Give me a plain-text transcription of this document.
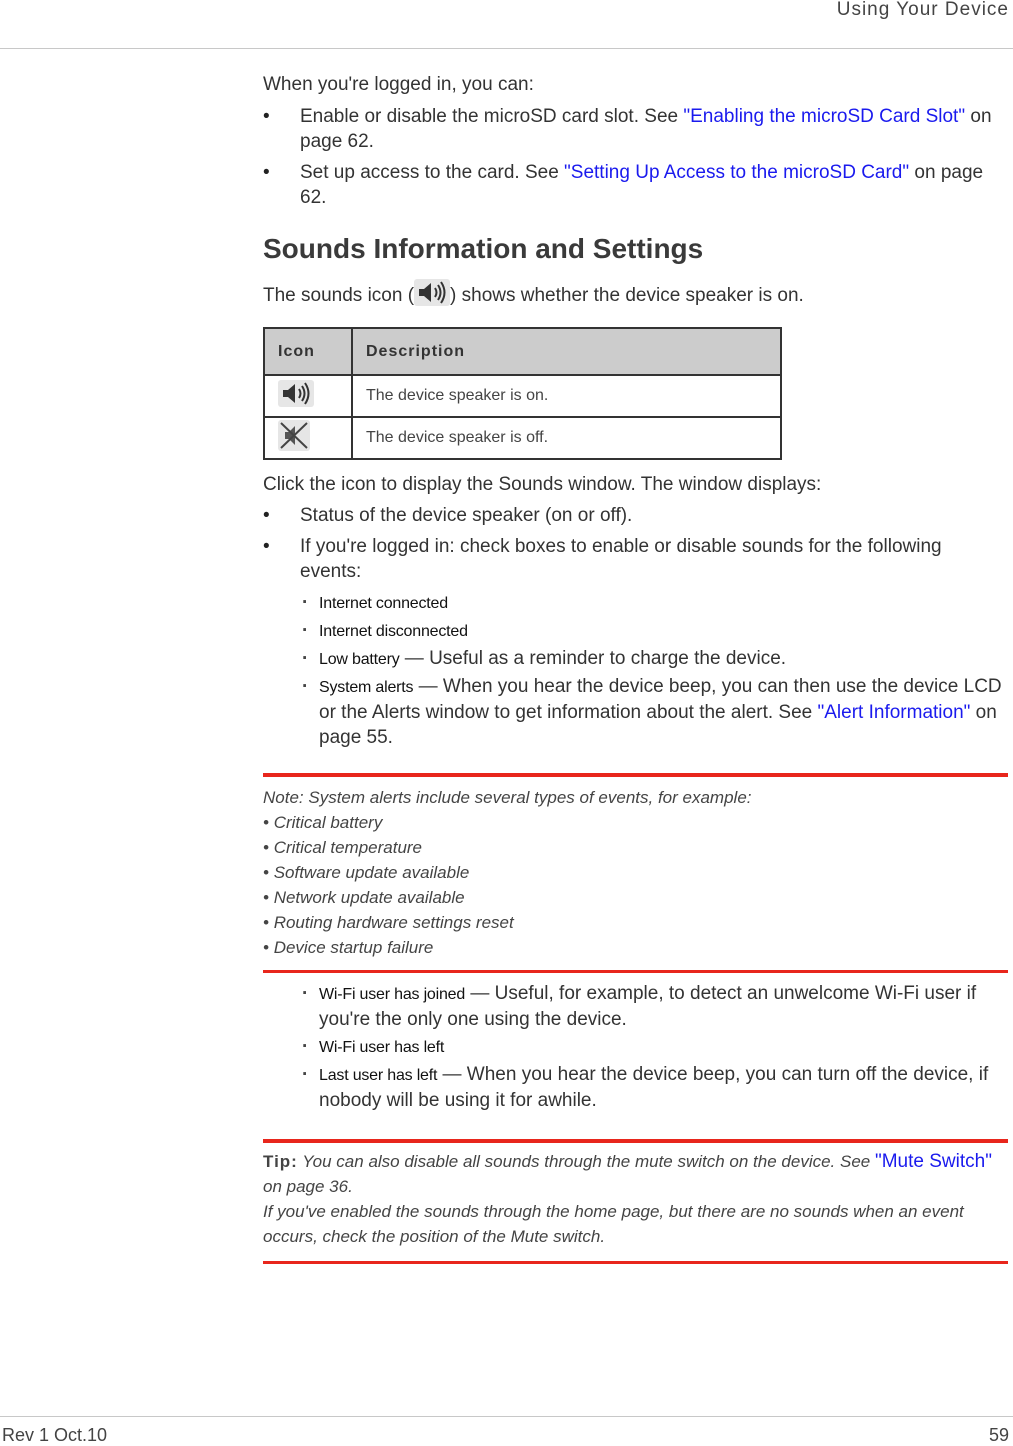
Using Your Device

When you're logged in, you can:

• Enable or disable the microSD card slot. See "Enabling the microSD Card Slot" on page 62.
• Set up access to the card. See "Setting Up Access to the microSD Card" on page 62.
Sounds Information and Settings

The sounds icon ( ) shows whether the device speaker is on.

Icon	Description
	The device speaker is on.
	The device speaker is off.

Click the icon to display the Sounds window. The window displays:

• Status of the device speaker (on or off).
• If you're logged in: check boxes to enable or disable sounds for the following events:
· Internet connected
· Internet disconnected
· Low battery — Useful as a reminder to charge the device.
· System alerts — When you hear the device beep, you can then use the device LCD or the Alerts window to get information about the alert. See "Alert Information" on page 55.
Note: System alerts include several types of events, for example:
• Critical battery
• Critical temperature
• Software update available
• Network update available
• Routing hardware settings reset
• Device startup failure
· Wi-Fi user has joined — Useful, for example, to detect an unwelcome Wi-Fi user if you're the only one using the device.
· Wi-Fi user has left
· Last user has left — When you hear the device beep, you can turn off the device, if nobody will be using it for awhile.
Tip: You can also disable all sounds through the mute switch on the device. See "Mute Switch" on page 36.
If you've enabled the sounds through the home page, but there are no sounds when an event occurs, check the position of the Mute switch.
Rev 1 Oct.10	59
